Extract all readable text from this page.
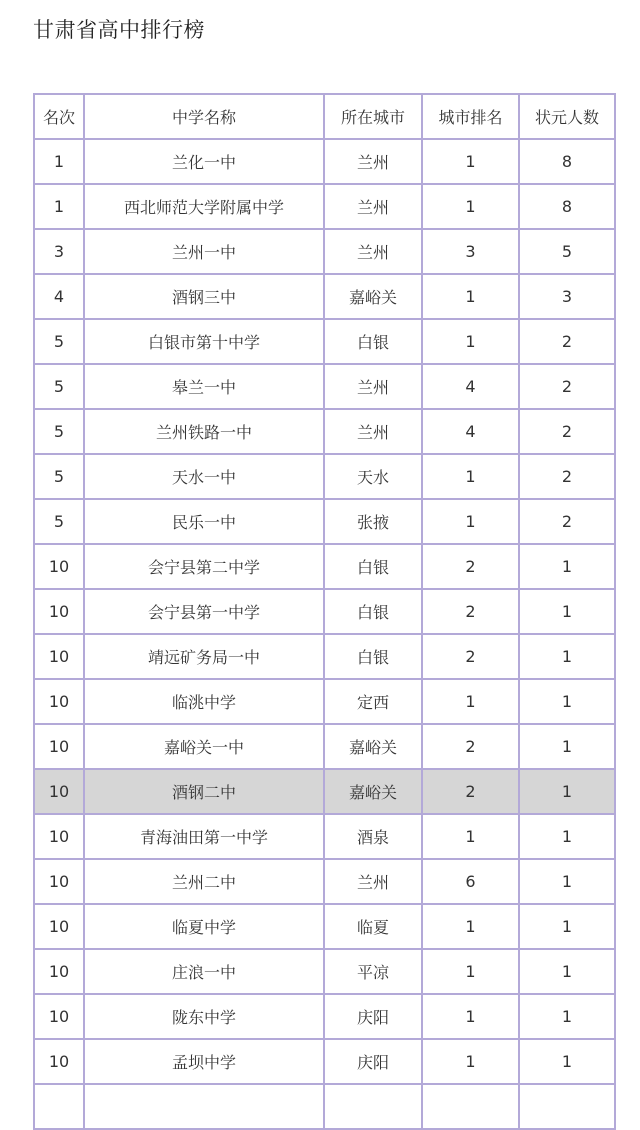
甘肃省高中排行榜
名次	中学名称	所在城市	城市排名	状元人数
1	兰化一中	兰州	1	8
1	西北师范大学附属中学	兰州	1	8
3	兰州一中	兰州	3	5
4	酒钢三中	嘉峪关	1	3
5	白银市第十中学	白银	1	2
5	皋兰一中	兰州	4	2
5	兰州铁路一中	兰州	4	2
5	天水一中	天水	1	2
5	民乐一中	张掖	1	2
10	会宁县第二中学	白银	2	1
10	会宁县第一中学	白银	2	1
10	靖远矿务局一中	白银	2	1
10	临洮中学	定西	1	1
10	嘉峪关一中	嘉峪关	2	1
10	酒钢二中	嘉峪关	2	1
10	青海油田第一中学	酒泉	1	1
10	兰州二中	兰州	6	1
10	临夏中学	临夏	1	1
10	庄浪一中	平凉	1	1
10	陇东中学	庆阳	1	1
10	孟坝中学	庆阳	1	1
